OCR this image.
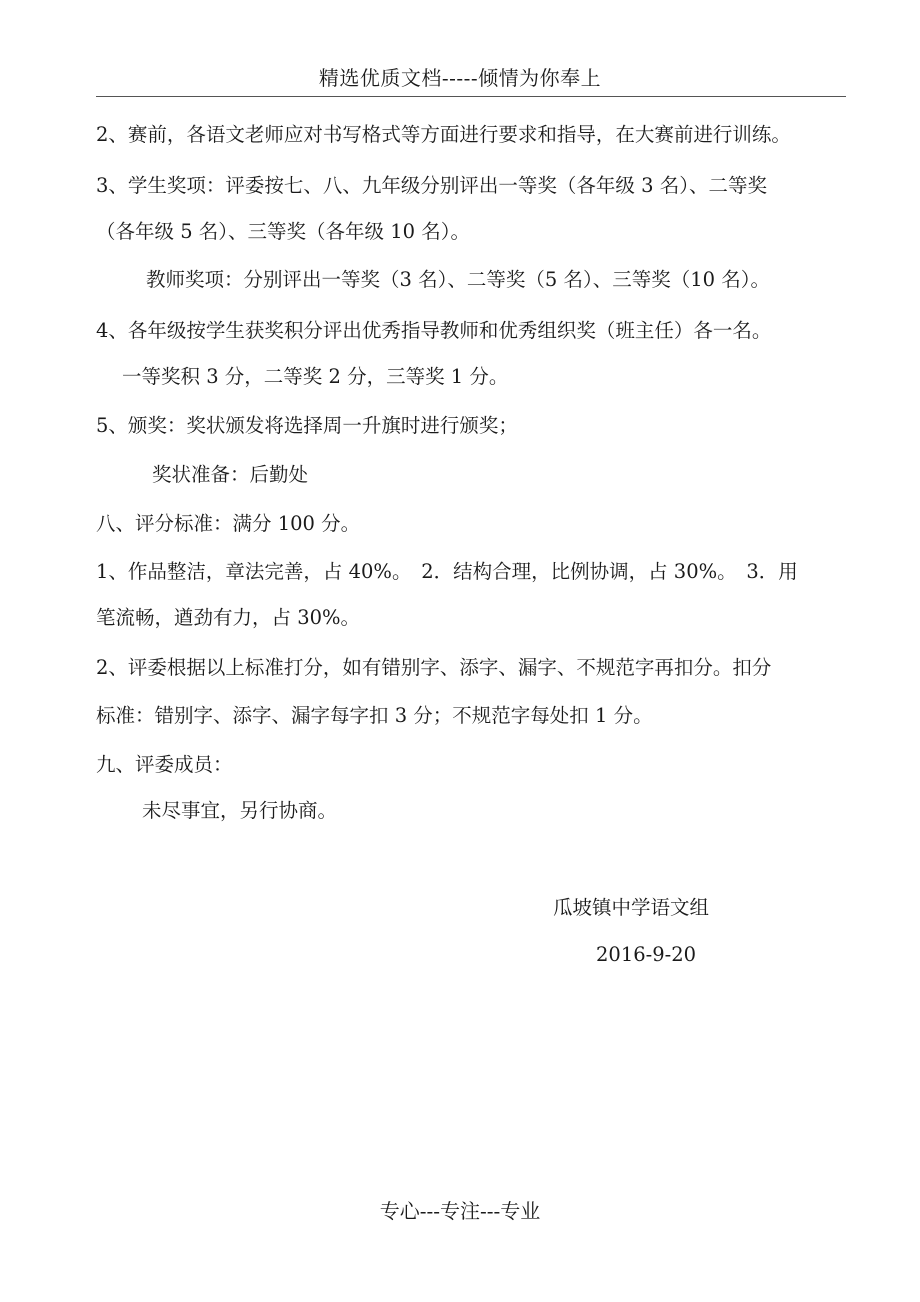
精选优质文档-----倾情为你奉上
2、赛前，各语文老师应对书写格式等方面进行要求和指导，在大赛前进行训练。
3、学生奖项：评委按七、八、九年级分别评出一等奖（各年级 3 名）、二等奖
（各年级 5 名）、三等奖（各年级 10 名）。
教师奖项：分别评出一等奖（3 名）、二等奖（5 名）、三等奖（10 名）。
4、各年级按学生获奖积分评出优秀指导教师和优秀组织奖（班主任）各一名。
一等奖积 3 分，二等奖 2 分，三等奖 1 分。
5、颁奖：奖状颁发将选择周一升旗时进行颁奖；
奖状准备：后勤处
八、评分标准：满分 100 分。
1、作品整洁，章法完善，占 40%。　2．结构合理，比例协调，占 30%。　3．用
笔流畅，遒劲有力，占 30%。
2、评委根据以上标准打分，如有错别字、添字、漏字、不规范字再扣分。扣分
标准：错别字、添字、漏字每字扣 3 分；不规范字每处扣 1 分。
九、评委成员：
未尽事宜，另行协商。
瓜坡镇中学语文组
2016-9-20
专心---专注---专业
